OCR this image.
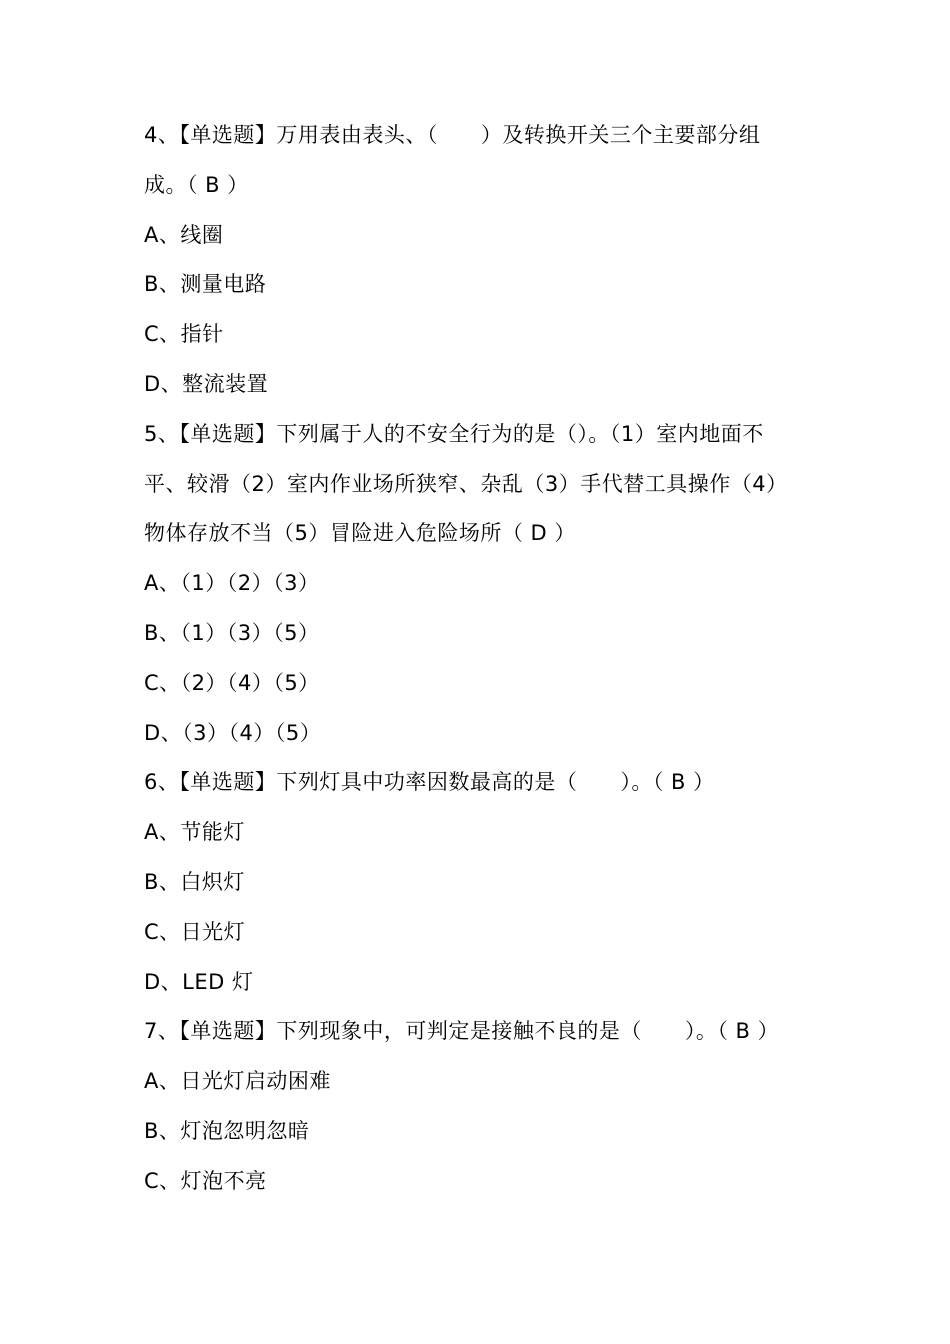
4、【单选题】万用表由表头、（　　）及转换开关三个主要部分组
成。（ B ）
A、线圈
B、测量电路
C、指针
D、整流装置
5、【单选题】下列属于人的不安全行为的是（）。（1）室内地面不
平、较滑（2）室内作业场所狭窄、杂乱（3）手代替工具操作（4）
物体存放不当（5）冒险进入危险场所（ D ）
A、（1）（2）（3）
B、（1）（3）（5）
C、（2）（4）（5）
D、（3）（4）（5）
6、【单选题】下列灯具中功率因数最高的是（　　）。（ B ）
A、节能灯
B、白炽灯
C、日光灯
D、LED 灯
7、【单选题】下列现象中，可判定是接触不良的是（　　）。（ B ）
A、日光灯启动困难
B、灯泡忽明忽暗
C、灯泡不亮
